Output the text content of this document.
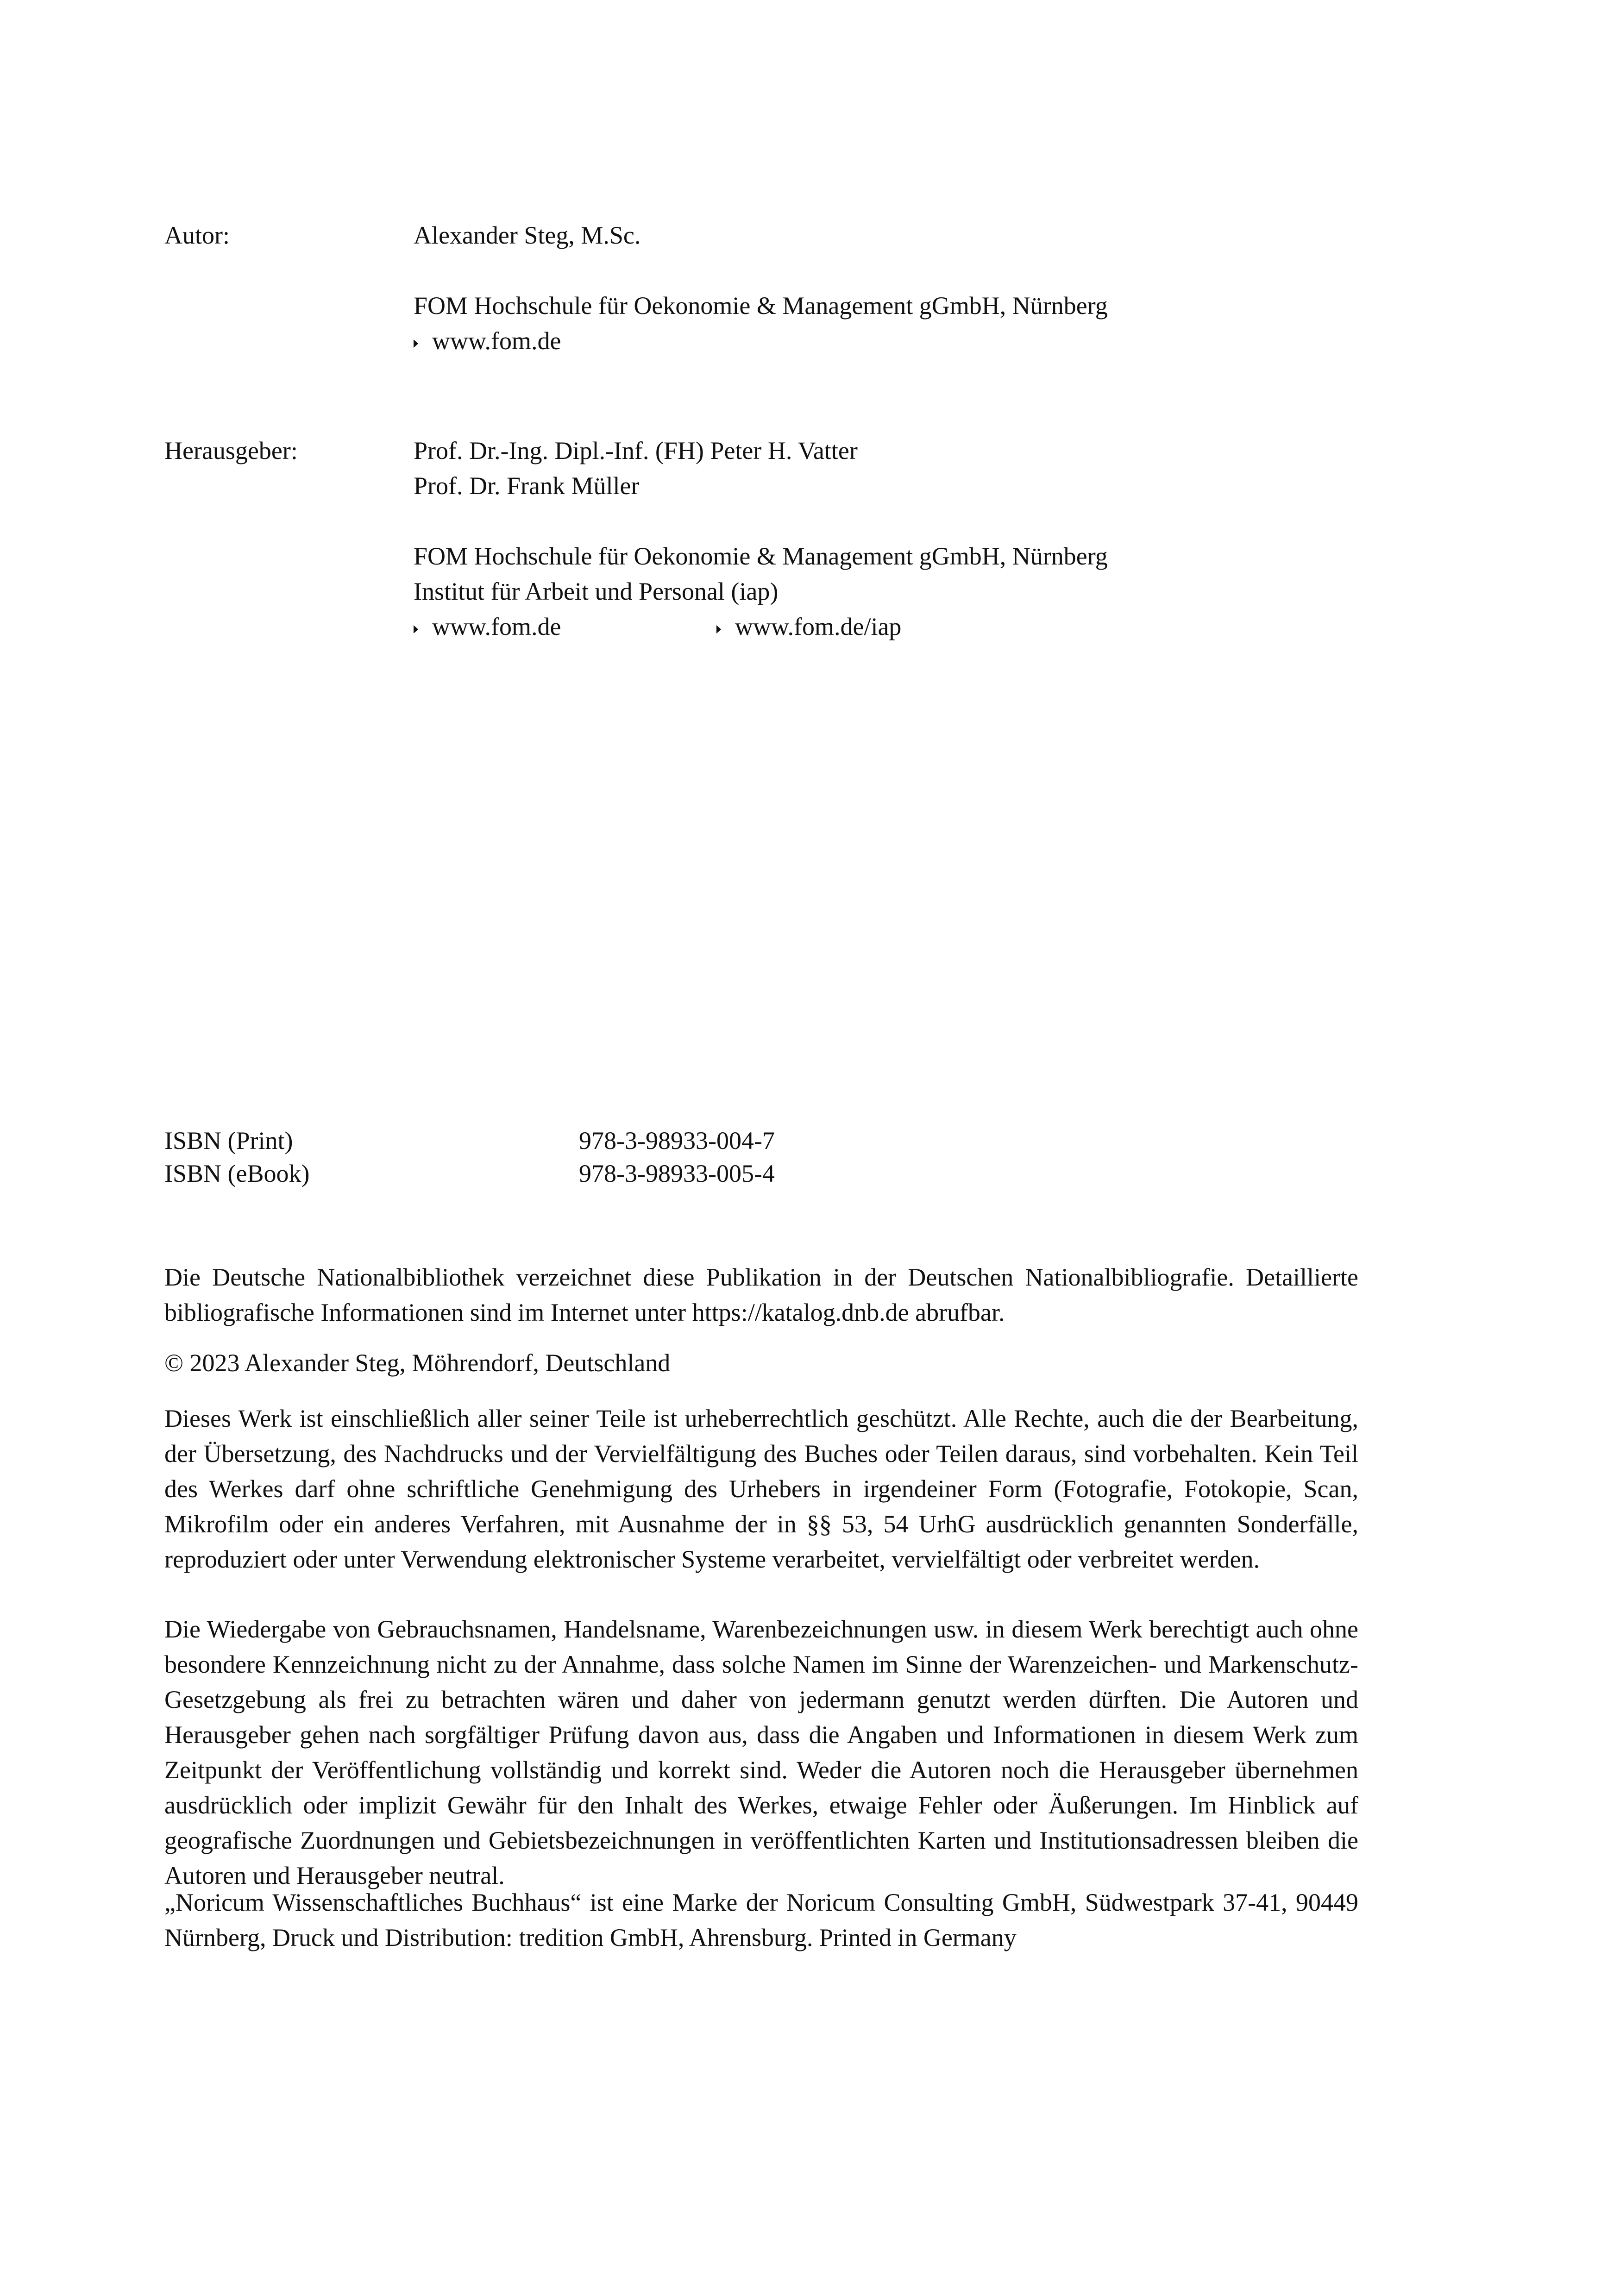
Autor:	Alexander Steg, M.Sc.
FOM Hochschule für Oekonomie & Management gGmbH, Nürnberg
www.fom.de
Herausgeber:	Prof. Dr.-Ing. Dipl.-Inf. (FH) Peter H. Vatter
Prof. Dr. Frank Müller
FOM Hochschule für Oekonomie & Management gGmbH, Nürnberg
Institut für Arbeit und Personal (iap)
www.fom.de	www.fom.de/iap
ISBN (Print)	978-3-98933-004-7
ISBN (eBook)	978-3-98933-005-4

Die Deutsche Nationalbibliothek verzeichnet diese Publikation in der Deutschen Nationalbibliografie. Detaillierte bibliografische Informationen sind im Internet unter https://katalog.dnb.de abrufbar.

© 2023 Alexander Steg, Möhrendorf, Deutschland

Dieses Werk ist einschließlich aller seiner Teile ist urheberrechtlich geschützt. Alle Rechte, auch die der Bearbeitung, der Übersetzung, des Nachdrucks und der Vervielfältigung des Buches oder Teilen daraus, sind vorbehalten. Kein Teil des Werkes darf ohne schriftliche Genehmigung des Urhebers in irgendeiner Form (Fotografie, Fotokopie, Scan, Mikrofilm oder ein anderes Verfahren, mit Ausnahme der in §§ 53, 54 UrhG ausdrücklich genannten Sonderfälle, reproduziert oder unter Verwendung elektronischer Systeme verarbeitet, vervielfältigt oder verbreitet werden.

Die Wiedergabe von Gebrauchsnamen, Handelsname, Warenbezeichnungen usw. in diesem Werk berechtigt auch ohne besondere Kennzeichnung nicht zu der Annahme, dass solche Namen im Sinne der Warenzeichen- und Markenschutz-Gesetzgebung als frei zu betrachten wären und daher von jedermann genutzt werden dürften. Die Autoren und Herausgeber gehen nach sorgfältiger Prüfung davon aus, dass die Angaben und Informationen in diesem Werk zum Zeitpunkt der Veröffentlichung vollständig und korrekt sind. Weder die Autoren noch die Herausgeber übernehmen ausdrücklich oder implizit Gewähr für den Inhalt des Werkes, etwaige Fehler oder Äußerungen. Im Hinblick auf geografische Zuordnungen und Gebietsbezeichnungen in veröffentlichten Karten und Institutionsadressen bleiben die Autoren und Herausgeber neutral.

„Noricum Wissenschaftliches Buchhaus“ ist eine Marke der Noricum Consulting GmbH, Südwestpark 37-41, 90449 Nürnberg, Druck und Distribution: tredition GmbH, Ahrensburg. Printed in Germany
